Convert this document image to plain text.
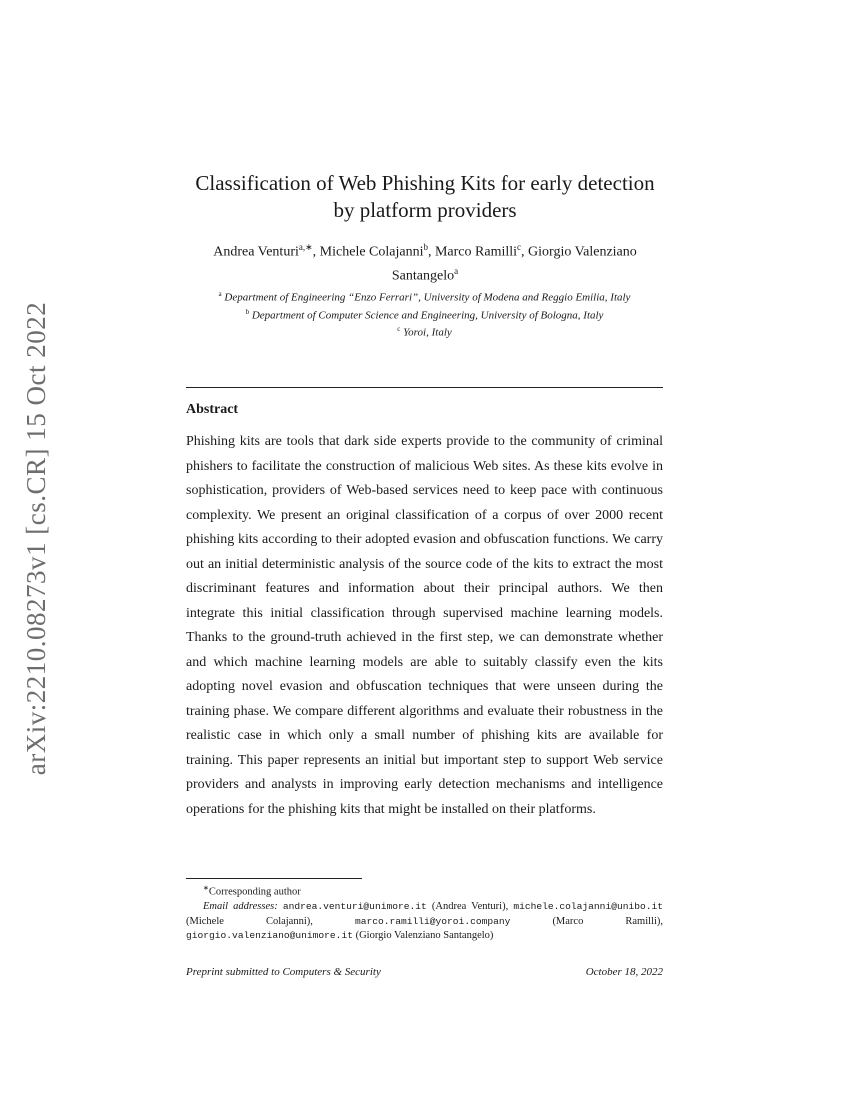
arXiv:2210.08273v1 [cs.CR] 15 Oct 2022
Classification of Web Phishing Kits for early detection
by platform providers
Andrea Venturi$^{a,∗}$, Michele Colajanni$^b$, Marco Ramilli$^c$, Giorgio Valenziano Santangelo$^a$
$^a$ Department of Engineering “Enzo Ferrari”, University of Modena and Reggio Emilia, Italy
$^b$ Department of Computer Science and Engineering, University of Bologna, Italy
$^c$ Yoroi, Italy
Abstract
Phishing kits are tools that dark side experts provide to the community of criminal phishers to facilitate the construction of malicious Web sites. As these kits evolve in sophistication, providers of Web-based services need to keep pace with continuous complexity. We present an original classification of a corpus of over 2000 recent phishing kits according to their adopted evasion and obfuscation functions. We carry out an initial deterministic analysis of the source code of the kits to extract the most discriminant features and information about their principal authors. We then integrate this initial classification through supervised machine learning models. Thanks to the ground-truth achieved in the first step, we can demonstrate whether and which machine learning models are able to suitably classify even the kits adopting novel evasion and obfuscation techniques that were unseen during the training phase. We compare different algorithms and evaluate their robustness in the realistic case in which only a small number of phishing kits are available for training. This paper represents an initial but important step to support Web service providers and analysts in improving early detection mechanisms and intelligence operations for the phishing kits that might be installed on their platforms.
∗Corresponding author
Email addresses: andrea.venturi@unimore.it (Andrea Venturi), michele.colajanni@unibo.it (Michele Colajanni), marco.ramilli@yoroi.company	(Marco Ramilli), giorgio.valenziano@unimore.it (Giorgio Valenziano Santangelo)
Preprint submitted to Computers & Security	October 18, 2022
